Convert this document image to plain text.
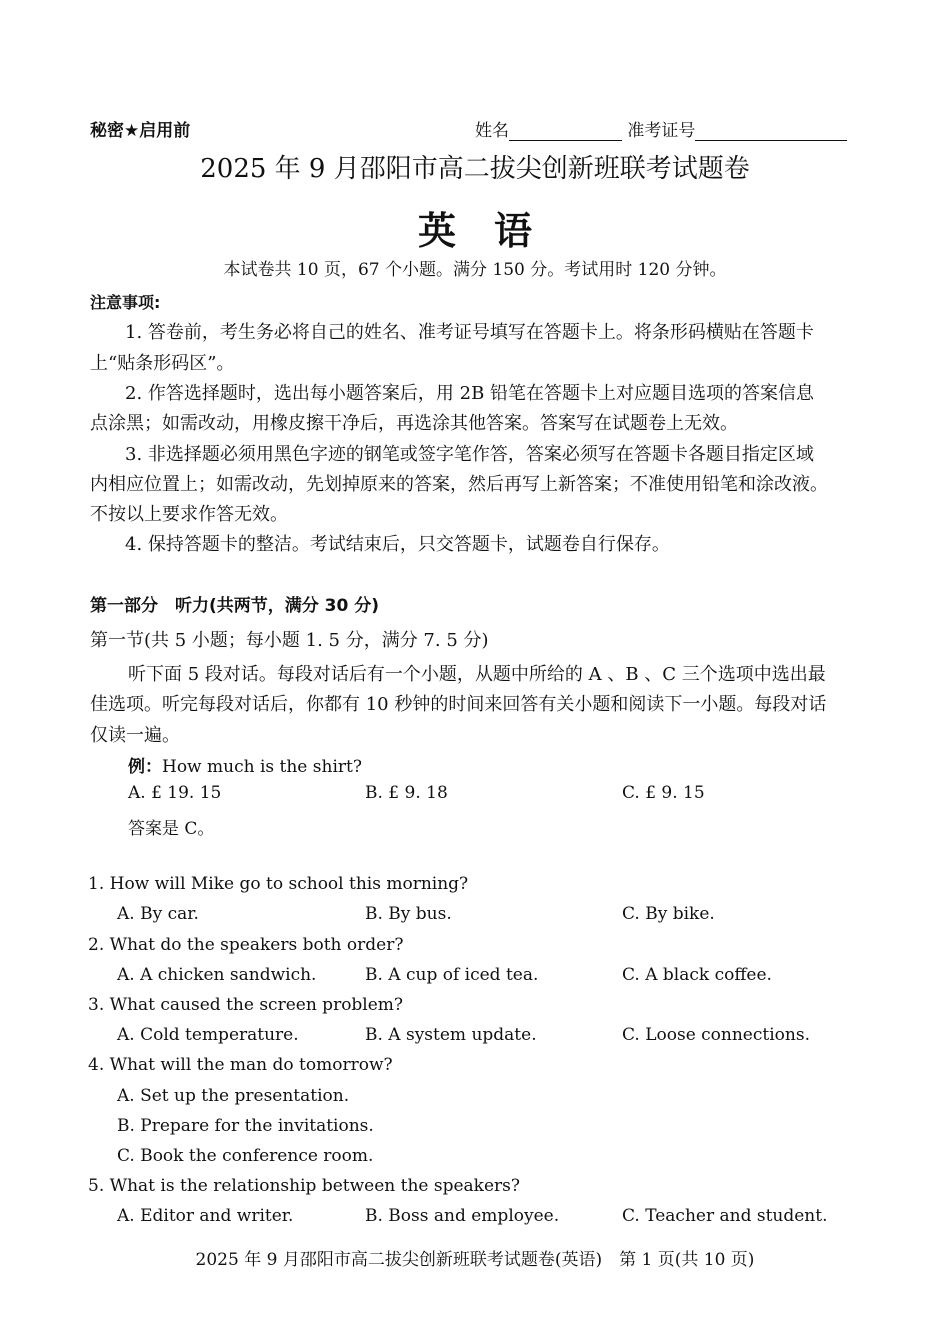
秘密★启用前	姓名	准考证号
2025 年 9 月邵阳市高二拔尖创新班联考试题卷
英　语
本试卷共 10 页，67 个小题。满分 150 分。考试用时 120 分钟。
注意事项:
1. 答卷前，考生务必将自己的姓名、准考证号填写在答题卡上。将条形码横贴在答题卡
上“贴条形码区”。
2. 作答选择题时，选出每小题答案后，用 2B 铅笔在答题卡上对应题目选项的答案信息
点涂黑；如需改动，用橡皮擦干净后，再选涂其他答案。答案写在试题卷上无效。
3. 非选择题必须用黑色字迹的钢笔或签字笔作答，答案必须写在答题卡各题目指定区域
内相应位置上；如需改动，先划掉原来的答案，然后再写上新答案；不准使用铅笔和涂改液。
不按以上要求作答无效。
4. 保持答题卡的整洁。考试结束后，只交答题卡，试题卷自行保存。
第一部分　听力(共两节，满分 30 分)
第一节(共 5 小题；每小题 1. 5 分，满分 7. 5 分)
听下面 5 段对话。每段对话后有一个小题，从题中所给的 A 、B 、C 三个选项中选出最
佳选项。听完每段对话后，你都有 10 秒钟的时间来回答有关小题和阅读下一小题。每段对话
仅读一遍。
例：How much is the shirt?
A. £ 19. 15	B. £ 9. 18	C. £ 9. 15
答案是 C。
1. How will Mike go to school this morning?
A. By car.	B. By bus.	C. By bike.
2. What do the speakers both order?
A. A chicken sandwich.	B. A cup of iced tea.	C. A black coffee.
3. What caused the screen problem?
A. Cold temperature.	B. A system update.	C. Loose connections.
4. What will the man do tomorrow?
A. Set up the presentation.
B. Prepare for the invitations.
C. Book the conference room.
5. What is the relationship between the speakers?
A. Editor and writer.	B. Boss and employee.	C. Teacher and student.
2025 年 9 月邵阳市高二拔尖创新班联考试题卷(英语)　第 1 页(共 10 页)
